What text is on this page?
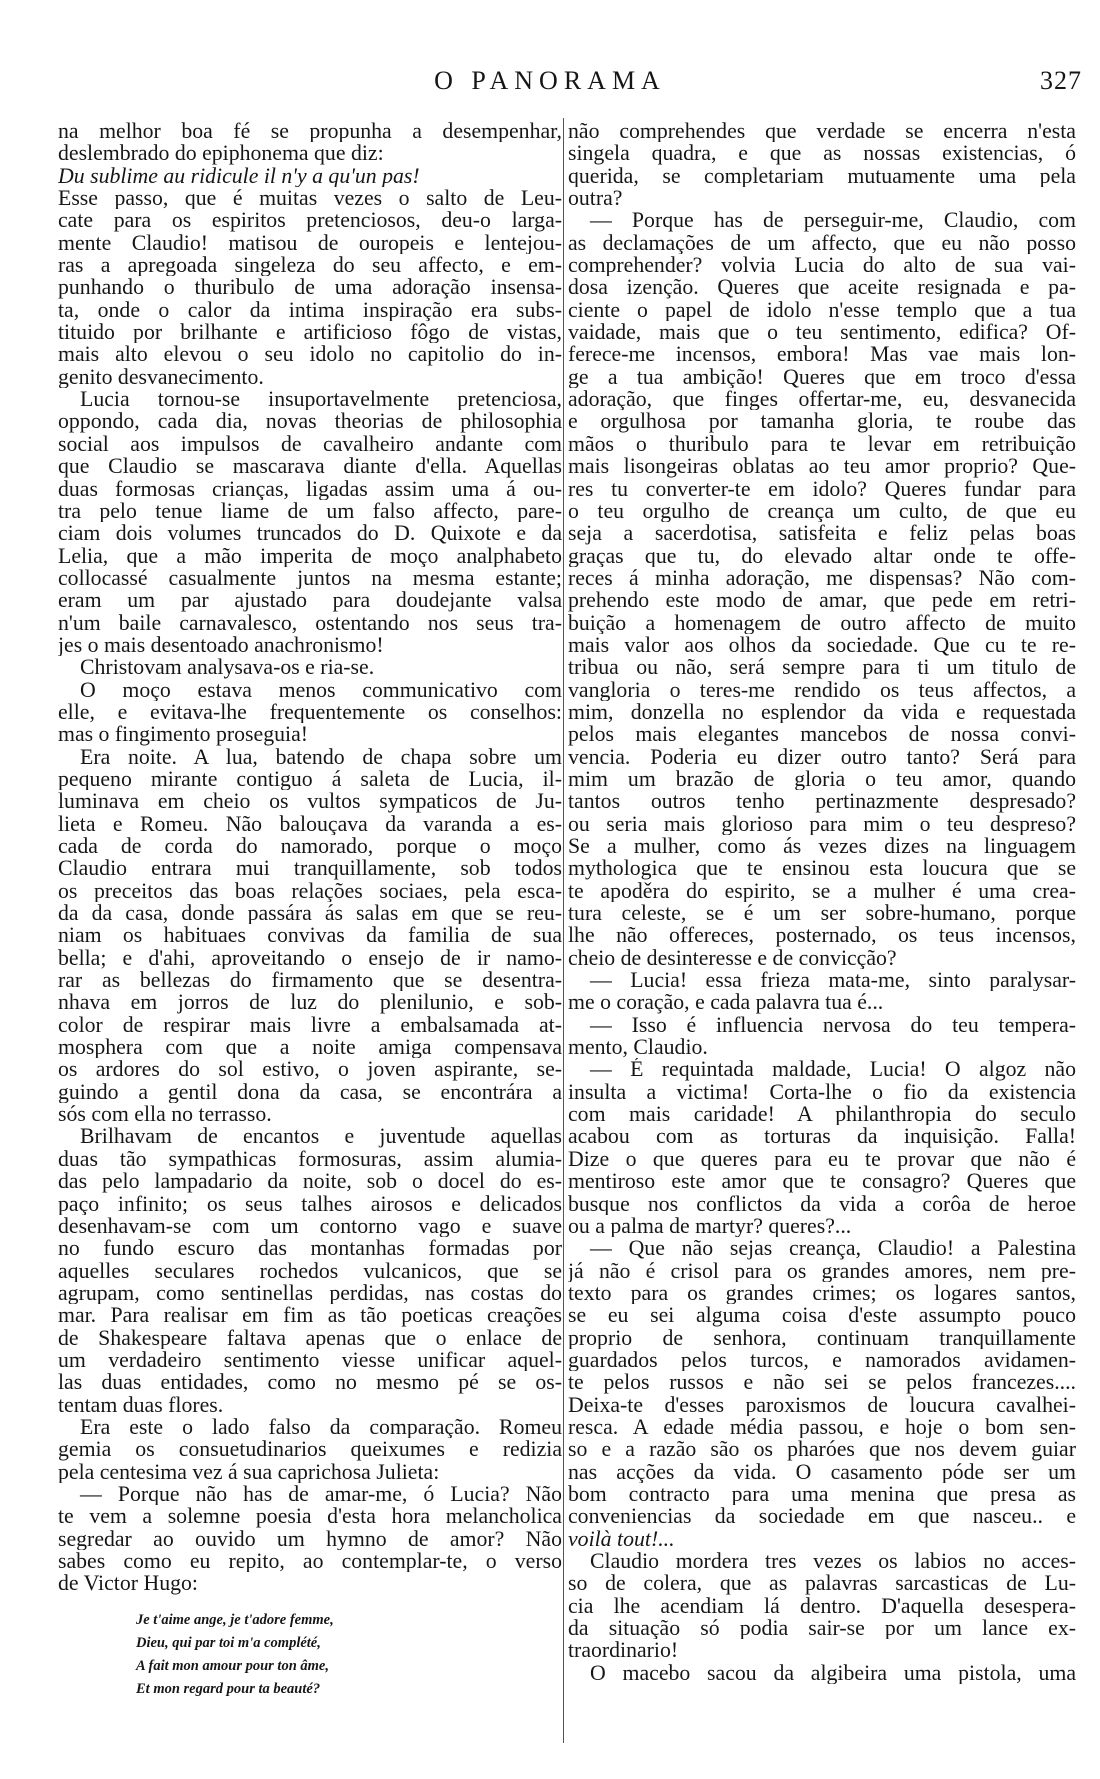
O PANORAMA	327
na melhor boa fé se propunha a desempenhar,
deslembrado do epiphonema que diz:
Du sublime au ridicule il n'y a qu'un pas!
Esse passo, que é muitas vezes o salto de Leu-
cate para os espiritos pretenciosos, deu-o larga-
mente Claudio! matisou de ouropeis e lentejou-
ras a apregoada singeleza do seu affecto, e em-
punhando o thuribulo de uma adoração insensa-
ta, onde o calor da intima inspiração era subs-
tituido por brilhante e artificioso fôgo de vistas,
mais alto elevou o seu idolo no capitolio do in-
genito desvanecimento.
Lucia tornou-se insuportavelmente pretenciosa,
oppondo, cada dia, novas theorias de philosophia
social aos impulsos de cavalheiro andante com
que Claudio se mascarava diante d'ella. Aquellas
duas formosas crianças, ligadas assim uma á ou-
tra pelo tenue liame de um falso affecto, pare-
ciam dois volumes truncados do D. Quixote e da
Lelia, que a mão imperita de moço analphabeto
collocassé casualmente juntos na mesma estante;
eram um par ajustado para doudejante valsa
n'um baile carnavalesco, ostentando nos seus tra-
jes o mais desentoado anachronismo!
Christovam analysava-os e ria-se.
O moço estava menos communicativo com
elle, e evitava-lhe frequentemente os conselhos:
mas o fingimento proseguia!
Era noite. A lua, batendo de chapa sobre um
pequeno mirante contiguo á saleta de Lucia, il-
luminava em cheio os vultos sympaticos de Ju-
lieta e Romeu. Não balouçava da varanda a es-
cada de corda do namorado, porque o moço
Claudio entrara mui tranquillamente, sob todos
os preceitos das boas relações sociaes, pela esca-
da da casa, donde passára ás salas em que se reu-
niam os habituaes convivas da familia de sua
bella; e d'ahi, aproveitando o ensejo de ir namo-
rar as bellezas do firmamento que se desentra-
nhava em jorros de luz do plenilunio, e sob-
color de respirar mais livre a embalsamada at-
mosphera com que a noite amiga compensava
os ardores do sol estivo, o joven aspirante, se-
guindo a gentil dona da casa, se encontrára a
sós com ella no terrasso.
Brilhavam de encantos e juventude aquellas
duas tão sympathicas formosuras, assim alumia-
das pelo lampadario da noite, sob o docel do es-
paço infinito; os seus talhes airosos e delicados
desenhavam-se com um contorno vago e suave
no fundo escuro das montanhas formadas por
aquelles seculares rochedos vulcanicos, que se
agrupam, como sentinellas perdidas, nas costas do
mar. Para realisar em fim as tão poeticas creações
de Shakespeare faltava apenas que o enlace de
um verdadeiro sentimento viesse unificar aquel-
las duas entidades, como no mesmo pé se os-
tentam duas flores.
Era este o lado falso da comparação. Romeu
gemia os consuetudinarios queixumes e redizia
pela centesima vez á sua caprichosa Julieta:
— Porque não has de amar-me, ó Lucia? Não
te vem a solemne poesia d'esta hora melancholica
segredar ao ouvido um hymno de amor? Não
sabes como eu repito, ao contemplar-te, o verso
de Victor Hugo:
Je t'aime ange, je t'adore femme,
Dieu, qui par toi m'a complété,
A fait mon amour pour ton âme,
Et mon regard pour ta beauté?
não comprehendes que verdade se encerra n'esta
singela quadra, e que as nossas existencias, ó
querida, se completariam mutuamente uma pela
outra?
— Porque has de perseguir-me, Claudio, com
as declamações de um affecto, que eu não posso
comprehender? volvia Lucia do alto de sua vai-
dosa izenção. Queres que aceite resignada e pa-
ciente o papel de idolo n'esse templo que a tua
vaidade, mais que o teu sentimento, edifica? Of-
ferece-me incensos, embora! Mas vae mais lon-
ge a tua ambição! Queres que em troco d'essa
adoração, que finges offertar-me, eu, desvanecida
e orgulhosa por tamanha gloria, te roube das
mãos o thuribulo para te levar em retribuição
mais lisongeiras oblatas ao teu amor proprio? Que-
res tu converter-te em idolo? Queres fundar para
o teu orgulho de creança um culto, de que eu
seja a sacerdotisa, satisfeita e feliz pelas boas
graças que tu, do elevado altar onde te offe-
reces á minha adoração, me dispensas? Não com-
prehendo este modo de amar, que pede em retri-
buição a homenagem de outro affecto de muito
mais valor aos olhos da sociedade. Que cu te re-
tribua ou não, será sempre para ti um titulo de
vangloria o teres-me rendido os teus affectos, a
mim, donzella no esplendor da vida e requestada
pelos mais elegantes mancebos de nossa convi-
vencia. Poderia eu dizer outro tanto? Será para
mim um brazão de gloria o teu amor, quando
tantos outros tenho pertinazmente despresado?
ou seria mais glorioso para mim o teu despreso?
Se a mulher, como ás vezes dizes na linguagem
mythologica que te ensinou esta loucura que se
te apoděra do espirito, se a mulher é uma crea-
tura celeste, se é um ser sobre-humano, porque
lhe não offereces, posternado, os teus incensos,
cheio de desinteresse e de convicção?
— Lucia! essa frieza mata-me, sinto paralysar-
me o coração, e cada palavra tua é...
— Isso é influencia nervosa do teu tempera-
mento, Claudio.
— É requintada maldade, Lucia! O algoz não
insulta a victima! Corta-lhe o fio da existencia
com mais caridade! A philanthropia do seculo
acabou com as torturas da inquisição. Falla!
Dize o que queres para eu te provar que não é
mentiroso este amor que te consagro? Queres que
busque nos conflictos da vida a corôa de heroe
ou a palma de martyr? queres?...
— Que não sejas creança, Claudio! a Palestina
já não é crisol para os grandes amores, nem pre-
texto para os grandes crimes; os logares santos,
se eu sei alguma coisa d'este assumpto pouco
proprio de senhora, continuam tranquillamente
guardados pelos turcos, e namorados avidamen-
te pelos russos e não sei se pelos francezes....
Deixa-te d'esses paroxismos de loucura cavalhei-
resca. A edade média passou, e hoje o bom sen-
so e a razão são os pharóes que nos devem guiar
nas acções da vida. O casamento póde ser um
bom contracto para uma menina que presa as
conveniencias da sociedade em que nasceu.. e
voilà tout!...
Claudio mordera tres vezes os labios no acces-
so de colera, que as palavras sarcasticas de Lu-
cia lhe acendiam lá dentro. D'aquella desespera-
da situação só podia sair-se por um lance ex-
traordinario!
O macebo sacou da algibeira uma pistola, uma
